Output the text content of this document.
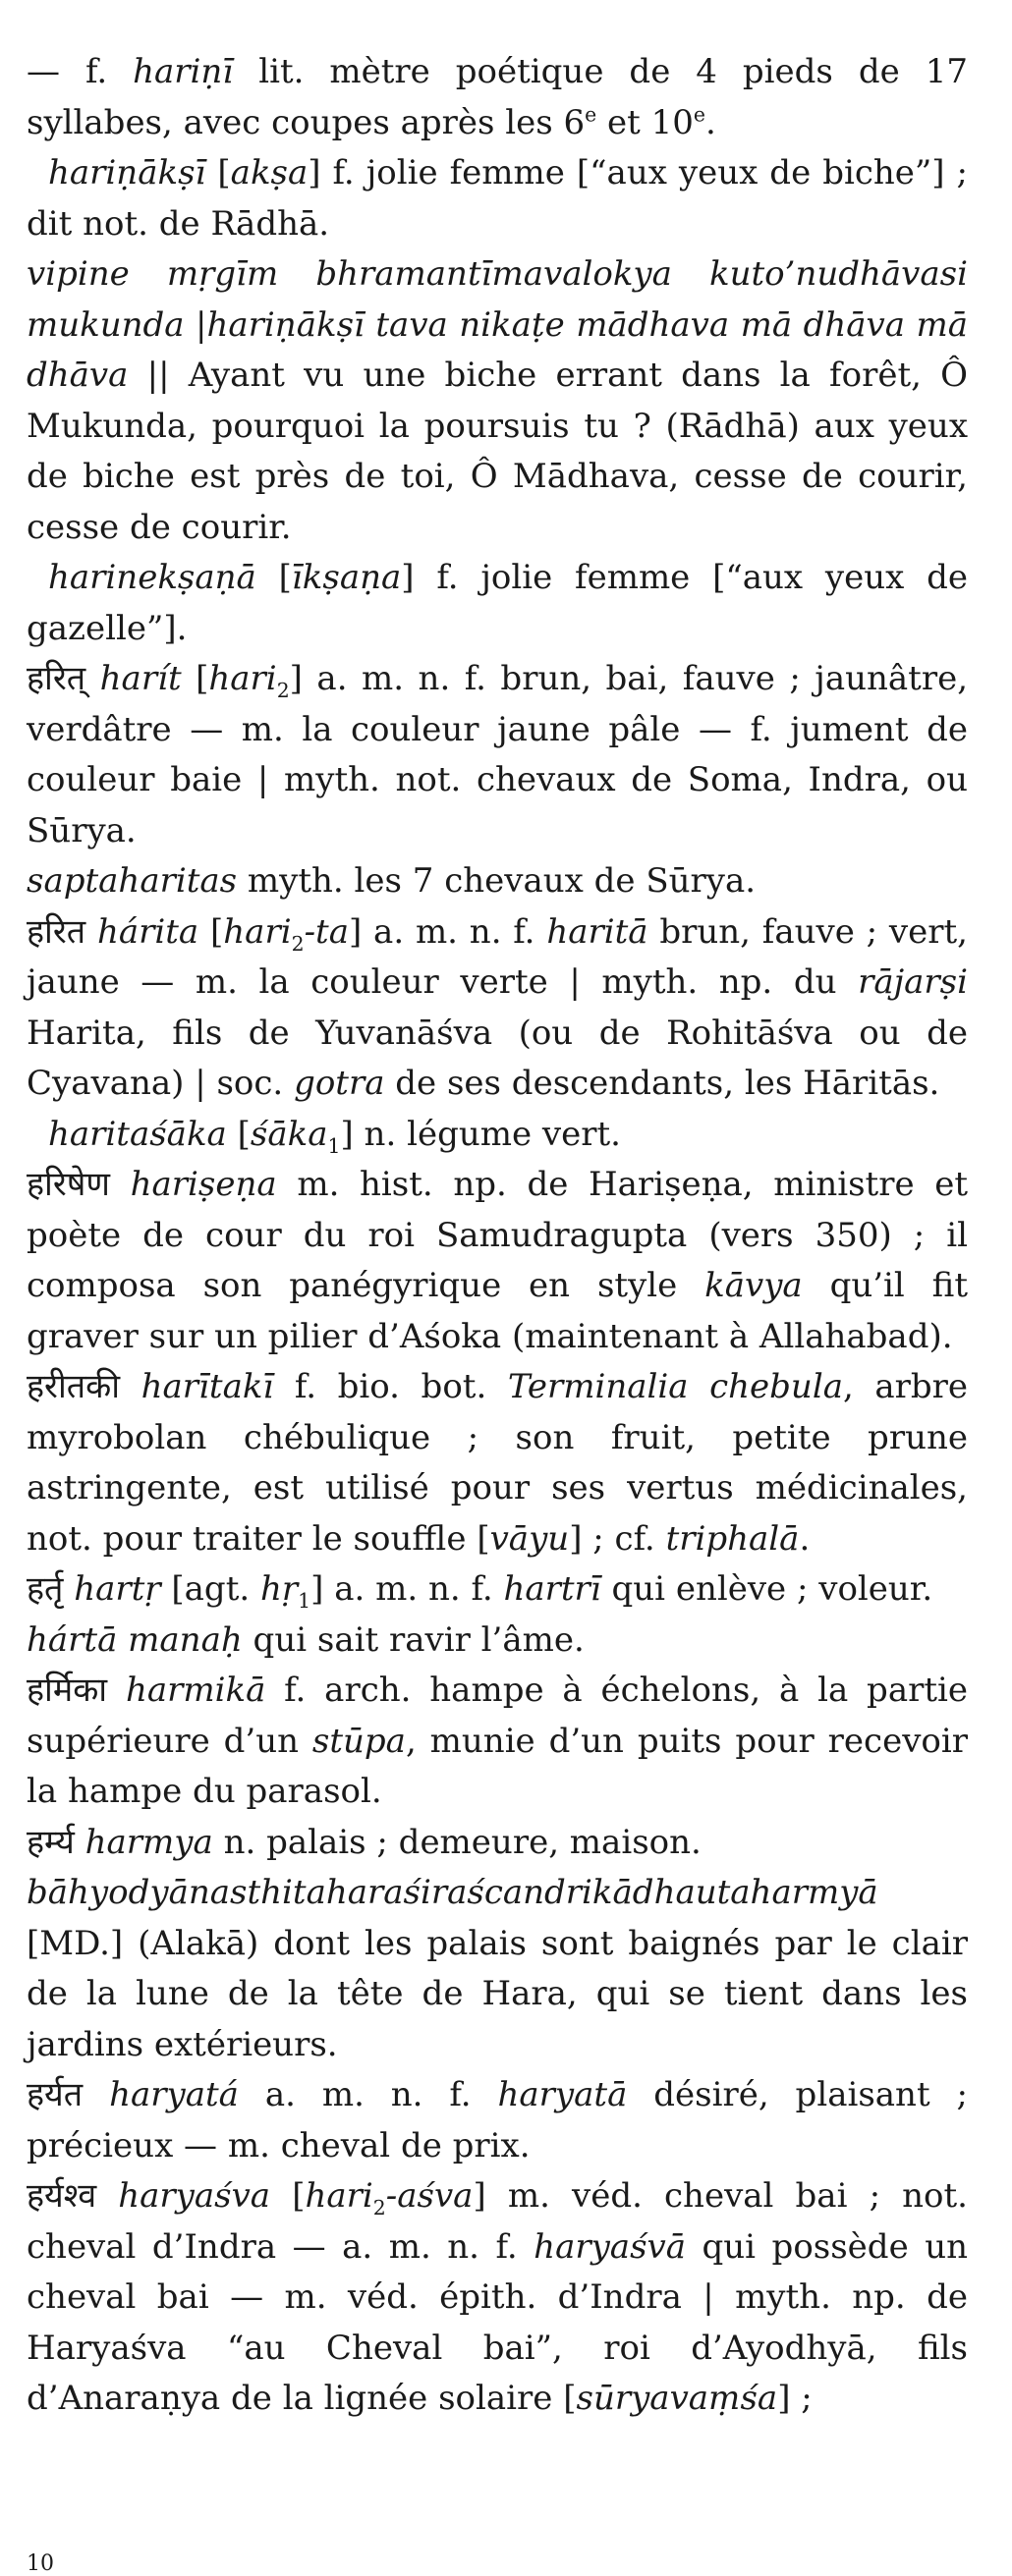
— f. hariṇī lit. mètre poétique de 4 pieds de 17 syllabes, avec coupes après les 6e et 10e.

hariṇākṣī [akṣa] f. jolie femme [“aux yeux de biche”] ; dit not. de Rādhā.

vipine mṛgīm bhramantīmavalokya kuto’nudhāvasi mukunda |hariṇākṣī tava nikaṭe mādhava mā dhāva mā dhāva || Ayant vu une biche errant dans la forêt, Ô Mukunda, pourquoi la poursuis tu ? (Rādhā) aux yeux de biche est près de toi, Ô Mādhava, cesse de courir, cesse de courir.

harinekṣaṇā [īkṣaṇa] f. jolie femme [“aux yeux de gazelle”].

हरित् harít [hari$_2$] a. m. n. f. brun, bai, fauve ; jaunâtre, verdâtre — m. la couleur jaune pâle — f. jument de couleur baie | myth. not. chevaux de Soma, Indra, ou Sūrya.

saptaharitas myth. les 7 chevaux de Sūrya.

हरित hárita [hari$_2$-ta] a. m. n. f. haritā brun, fauve ; vert, jaune — m. la couleur verte | myth. np. du rājarṣi Harita, fils de Yuvanāśva (ou de Rohitāśva ou de Cyavana) | soc. gotra de ses descendants, les Hāritās.

haritaśāka [śāka$_1$] n. légume vert.

हरिषेण hariṣeṇa m. hist. np. de Hariṣeṇa, ministre et poète de cour du roi Samudragupta (vers 350) ; il composa son panégyrique en style kāvya qu’il fit graver sur un pilier d’Aśoka (maintenant à Allahabad).

हरीतकी harītakī f. bio. bot. Terminalia chebula, arbre myrobolan chébulique ; son fruit, petite prune astringente, est utilisé pour ses vertus médicinales, not. pour traiter le souffle [vāyu] ; cf. triphalā.

हर्तृ hartṛ [agt. hṛ$_1$] a. m. n. f. hartrī qui enlève ; voleur.

hártā manaḥ qui sait ravir l’âme.

हर्मिका harmikā f. arch. hampe à échelons, à la partie supérieure d’un stūpa, munie d’un puits pour recevoir la hampe du parasol.

हर्म्य harmya n. palais ; demeure, maison.

bāhyodyānasthitaharaśiraścandrikādhautaharmyā [MD.] (Alakā) dont les palais sont baignés par le clair de la lune de la tête de Hara, qui se tient dans les jardins extérieurs.

हर्यत haryatá a. m. n. f. haryatā désiré, plaisant ; précieux — m. cheval de prix.

हर्यश्व haryaśva [hari$_2$-aśva] m. véd. cheval bai ; not. cheval d’Indra — a. m. n. f. haryaśvā qui possède un cheval bai — m. véd. épith. d’Indra | myth. np. de Haryaśva “au Cheval bai”, roi d’Ayodhyā, fils d’Anaraṇya de la lignée solaire [sūryavaṃśa] ;

10
